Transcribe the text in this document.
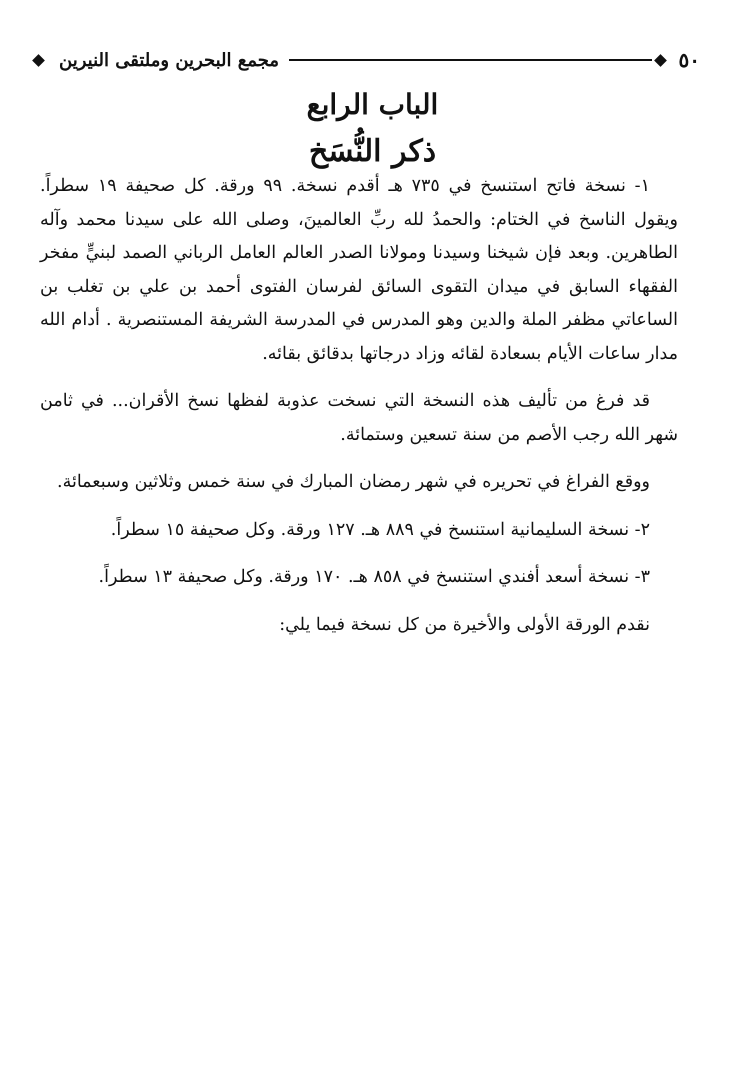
٥٠
مجمع البحرين وملتقى النيرين
الباب الرابع
ذكر النُّسَخ

١- نسخة فاتح استنسخ في ٧٣٥ هـ أقدم نسخة. ٩٩ ورقة. كل صحيفة ١٩ سطراً. ويقول الناسخ في الختام: والحمدُ لله ربِّ العالمينَ، وصلى الله على سيدنا محمد وآله الطاهرين. وبعد فإن شيخنا وسيدنا ومولانا الصدر العالم العامل الرباني الصمد لبنيٍّ مفخر الفقهاء السابق في ميدان التقوى السائق لفرسان الفتوى أحمد بن علي بن تغلب بن الساعاتي مظفر الملة والدين وهو المدرس في المدرسة الشريفة المستنصرية . أدام الله مدار ساعات الأيام بسعادة لقائه وزاد درجاتها بدقائق بقائه.

قد فرغ من تأليف هذه النسخة التي نسخت عذوبة لفظها نسخ الأقران... في ثامن شهر الله رجب الأصم من سنة تسعين وستمائة.

ووقع الفراغ في تحريره في شهر رمضان المبارك في سنة خمس وثلاثين وسبعمائة.

٢- نسخة السليمانية استنسخ في ٨٨٩ هـ. ١٢٧ ورقة. وكل صحيفة ١٥ سطراً.

٣- نسخة أسعد أفندي استنسخ في ٨٥٨ هـ. ١٧٠ ورقة. وكل صحيفة ١٣ سطراً.

نقدم الورقة الأولى والأخيرة من كل نسخة فيما يلي:
